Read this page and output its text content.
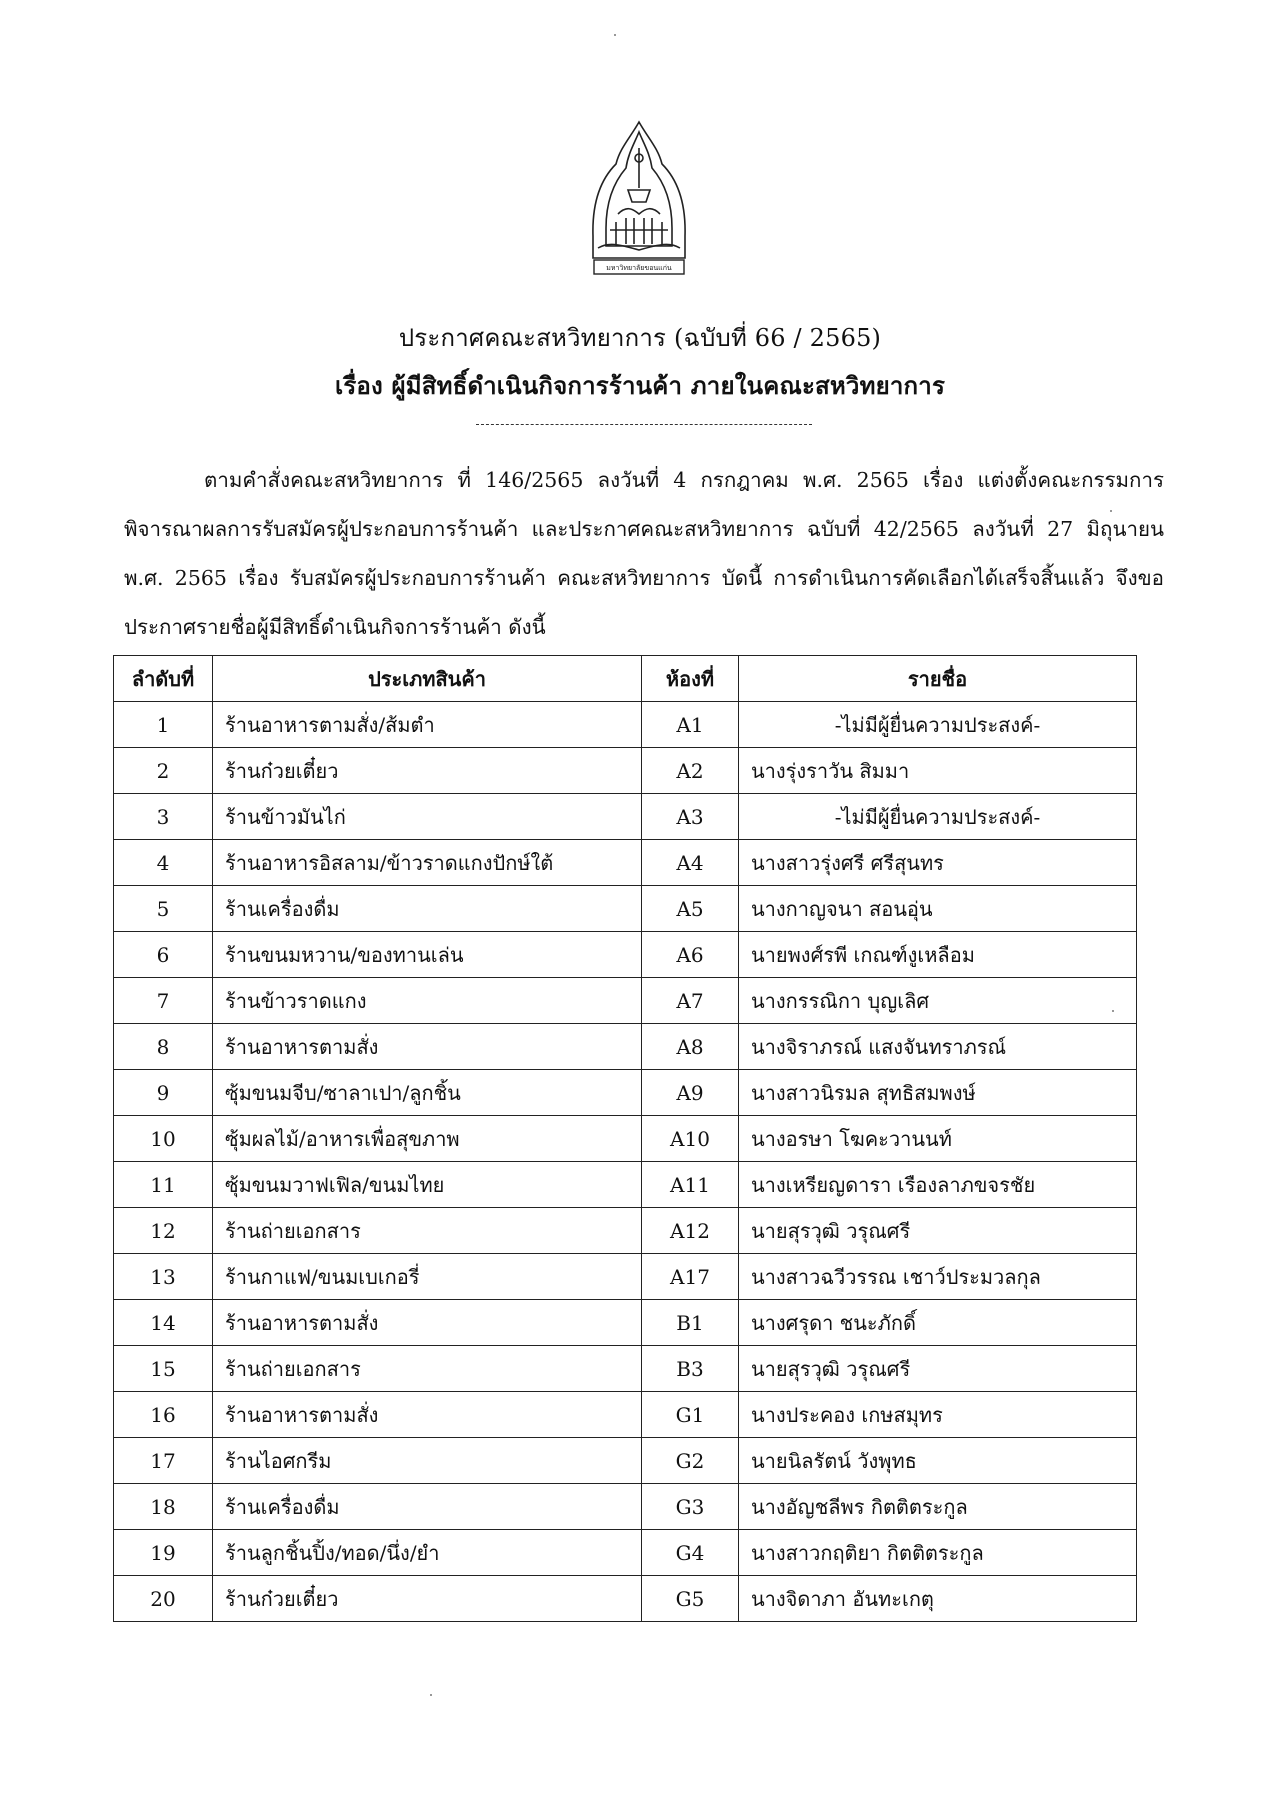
มหาวิทยาลัยขอนแก่น
ประกาศคณะสหวิทยาการ (ฉบับที่ 66 / 2565)
เรื่อง ผู้มีสิทธิ์ดำเนินกิจการร้านค้า ภายในคณะสหวิทยาการ

ตามคำสั่งคณะสหวิทยาการ ที่ 146/2565 ลงวันที่ 4 กรกฎาคม พ.ศ. 2565 เรื่อง แต่งตั้งคณะกรรมการพิจารณาผลการรับสมัครผู้ประกอบการร้านค้า และประกาศคณะสหวิทยาการ ฉบับที่ 42/2565 ลงวันที่ 27 มิถุนายน พ.ศ. 2565 เรื่อง รับสมัครผู้ประกอบการร้านค้า คณะสหวิทยาการ บัดนี้ การดำเนินการคัดเลือกได้เสร็จสิ้นแล้ว จึงขอประกาศรายชื่อผู้มีสิทธิ์ดำเนินกิจการร้านค้า ดังนี้

ลำดับที่	ประเภทสินค้า	ห้องที่	รายชื่อ
1	ร้านอาหารตามสั่ง/ส้มตำ	A1	-ไม่มีผู้ยื่นความประสงค์-
2	ร้านก๋วยเตี๋ยว	A2	นางรุ่งราวัน สิมมา
3	ร้านข้าวมันไก่	A3	-ไม่มีผู้ยื่นความประสงค์-
4	ร้านอาหารอิสลาม/ข้าวราดแกงปักษ์ใต้	A4	นางสาวรุ่งศรี ศรีสุนทร
5	ร้านเครื่องดื่ม	A5	นางกาญจนา สอนอุ่น
6	ร้านขนมหวาน/ของทานเล่น	A6	นายพงศ์รพี เกณฑ์งูเหลือม
7	ร้านข้าวราดแกง	A7	นางกรรณิกา บุญเลิศ
8	ร้านอาหารตามสั่ง	A8	นางจิราภรณ์ แสงจันทราภรณ์
9	ซุ้มขนมจีบ/ซาลาเปา/ลูกชิ้น	A9	นางสาวนิรมล สุทธิสมพงษ์
10	ซุ้มผลไม้/อาหารเพื่อสุขภาพ	A10	นางอรษา โฆคะวานนท์
11	ซุ้มขนมวาฟเฟิล/ขนมไทย	A11	นางเหรียญดารา เรืองลาภขจรชัย
12	ร้านถ่ายเอกสาร	A12	นายสุรวุฒิ วรุณศรี
13	ร้านกาแฟ/ขนมเบเกอรี่	A17	นางสาวฉวีวรรณ เชาว์ประมวลกุล
14	ร้านอาหารตามสั่ง	B1	นางศรุดา ชนะภักดิ์
15	ร้านถ่ายเอกสาร	B3	นายสุรวุฒิ วรุณศรี
16	ร้านอาหารตามสั่ง	G1	นางประคอง เกษสมุทร
17	ร้านไอศกรีม	G2	นายนิลรัตน์ วังพุทธ
18	ร้านเครื่องดื่ม	G3	นางอัญชลีพร กิตติตระกูล
19	ร้านลูกชิ้นปิ้ง/ทอด/นึ่ง/ยำ	G4	นางสาวกฤติยา กิตติตระกูล
20	ร้านก๋วยเตี๋ยว	G5	นางจิดาภา อันทะเกตุ
